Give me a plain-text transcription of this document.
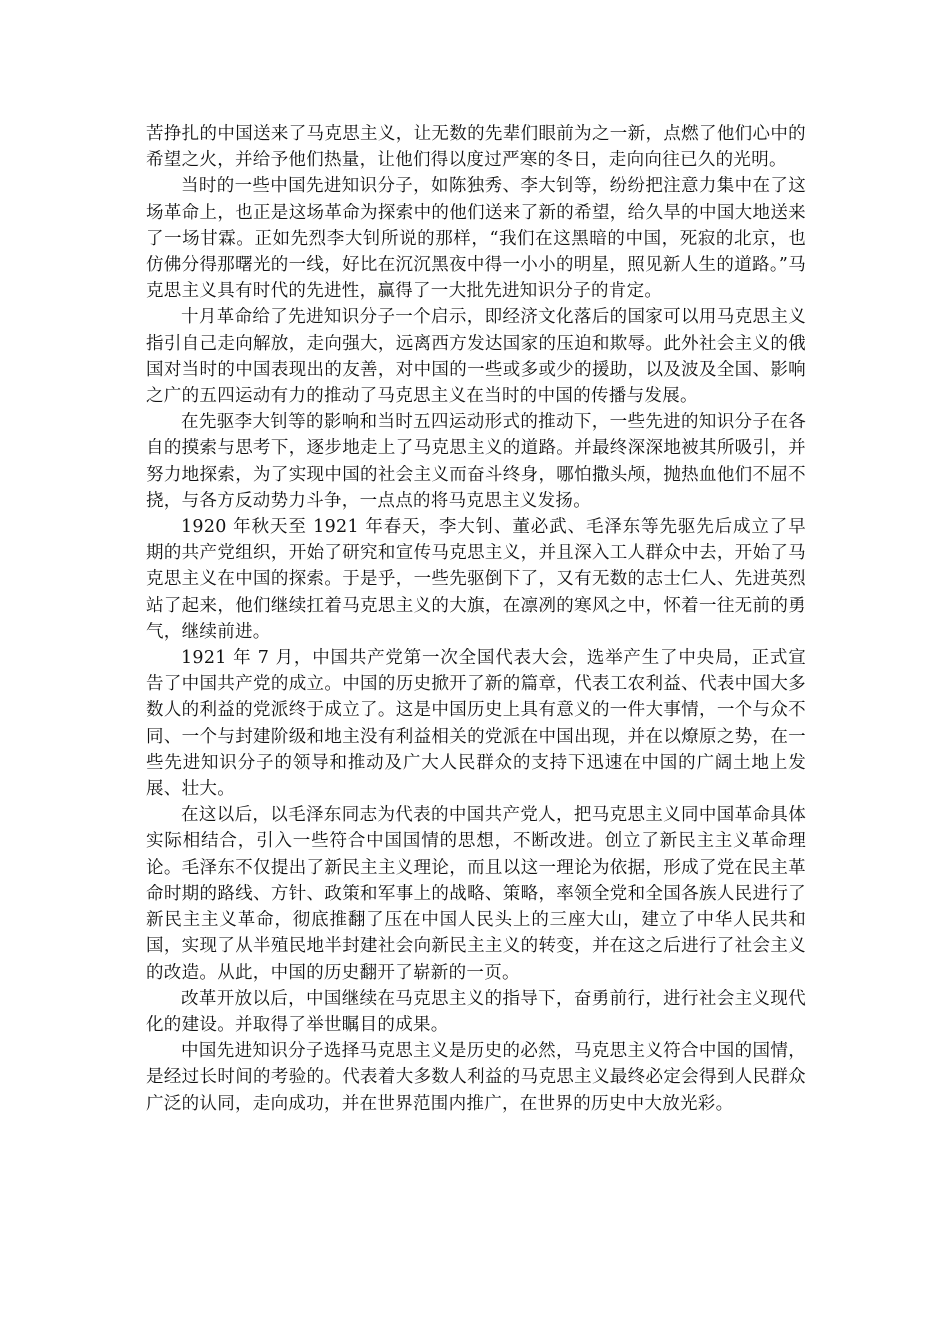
苦挣扎的中国送来了马克思主义，让无数的先辈们眼前为之一新，点燃了他们心中的希望之火，并给予他们热量，让他们得以度过严寒的冬日，走向向往已久的光明。

当时的一些中国先进知识分子，如陈独秀、李大钊等，纷纷把注意力集中在了这场革命上，也正是这场革命为探索中的他们送来了新的希望，给久旱的中国大地送来了一场甘霖。正如先烈李大钊所说的那样，“我们在这黑暗的中国，死寂的北京，也仿佛分得那曙光的一线，好比在沉沉黑夜中得一小小的明星，照见新人生的道路。”马克思主义具有时代的先进性，赢得了一大批先进知识分子的肯定。

十月革命给了先进知识分子一个启示，即经济文化落后的国家可以用马克思主义指引自己走向解放，走向强大，远离西方发达国家的压迫和欺辱。此外社会主义的俄国对当时的中国表现出的友善，对中国的一些或多或少的援助，以及波及全国、影响之广的五四运动有力的推动了马克思主义在当时的中国的传播与发展。

在先驱李大钊等的影响和当时五四运动形式的推动下，一些先进的知识分子在各自的摸索与思考下，逐步地走上了马克思主义的道路。并最终深深地被其所吸引，并努力地探索，为了实现中国的社会主义而奋斗终身，哪怕撒头颅，抛热血他们不屈不挠，与各方反动势力斗争，一点点的将马克思主义发扬。

1920 年秋天至 1921 年春天，李大钊、董必武、毛泽东等先驱先后成立了早期的共产党组织，开始了研究和宣传马克思主义，并且深入工人群众中去，开始了马克思主义在中国的探索。于是乎，一些先驱倒下了，又有无数的志士仁人、先进英烈站了起来，他们继续扛着马克思主义的大旗，在凛冽的寒风之中，怀着一往无前的勇气，继续前进。

1921 年 7 月，中国共产党第一次全国代表大会，选举产生了中央局，正式宣告了中国共产党的成立。中国的历史掀开了新的篇章，代表工农利益、代表中国大多数人的利益的党派终于成立了。这是中国历史上具有意义的一件大事情，一个与众不同、一个与封建阶级和地主没有利益相关的党派在中国出现，并在以燎原之势，在一些先进知识分子的领导和推动及广大人民群众的支持下迅速在中国的广阔土地上发展、壮大。

在这以后，以毛泽东同志为代表的中国共产党人，把马克思主义同中国革命具体实际相结合，引入一些符合中国国情的思想，不断改进。创立了新民主主义革命理论。毛泽东不仅提出了新民主主义理论，而且以这一理论为依据，形成了党在民主革命时期的路线、方针、政策和军事上的战略、策略，率领全党和全国各族人民进行了新民主主义革命，彻底推翻了压在中国人民头上的三座大山，建立了中华人民共和国，实现了从半殖民地半封建社会向新民主主义的转变，并在这之后进行了社会主义的改造。从此，中国的历史翻开了崭新的一页。

改革开放以后，中国继续在马克思主义的指导下，奋勇前行，进行社会主义现代化的建设。并取得了举世瞩目的成果。

中国先进知识分子选择马克思主义是历史的必然，马克思主义符合中国的国情，是经过长时间的考验的。代表着大多数人利益的马克思主义最终必定会得到人民群众广泛的认同，走向成功，并在世界范围内推广，在世界的历史中大放光彩。
